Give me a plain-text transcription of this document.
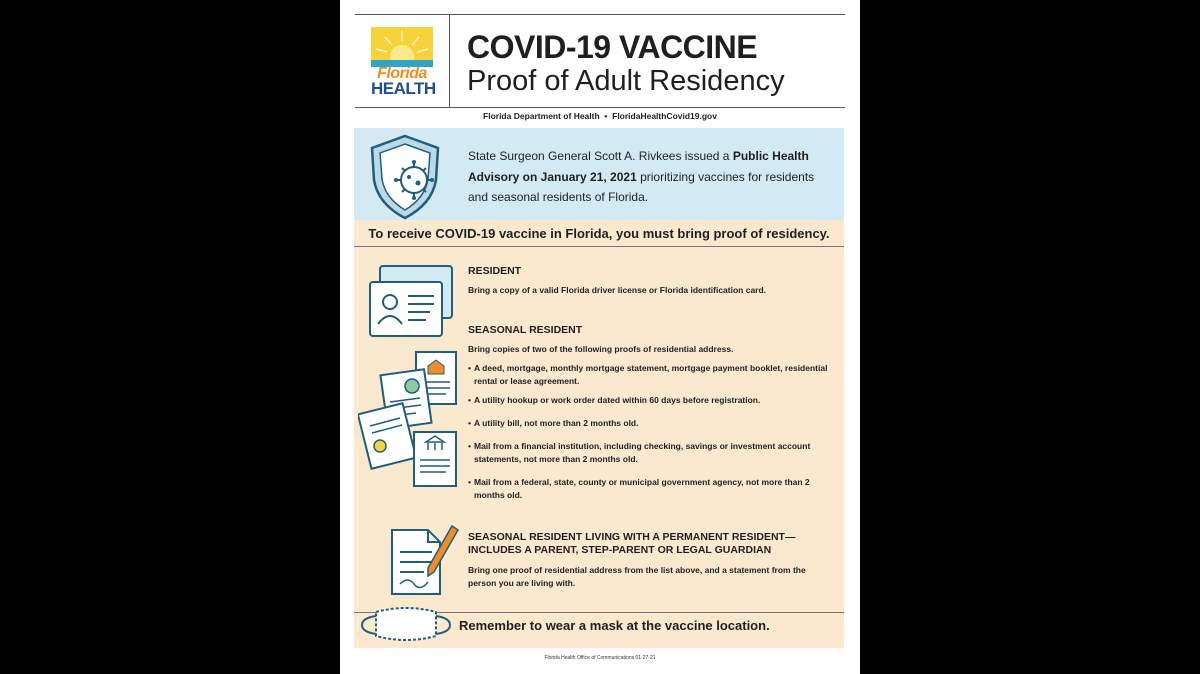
Florida
HEALTH
COVID-19 VACCINE
Proof of Adult Residency
Florida Department of Health • FloridaHealthCovid19.gov
State Surgeon General Scott A. Rivkees issued a Public Health Advisory on January 21, 2021 prioritizing vaccines for residents and seasonal residents of Florida.
To receive COVID-19 vaccine in Florida, you must bring proof of residency.
RESIDENT
Bring a copy of a valid Florida driver license or Florida identification card.
SEASONAL RESIDENT
Bring copies of two of the following proofs of residential address.
• A deed, mortgage, monthly mortgage statement, mortgage payment booklet, residential rental or lease agreement.
• A utility hookup or work order dated within 60 days before registration.
• A utility bill, not more than 2 months old.
• Mail from a financial institution, including checking, savings or investment account statements, not more than 2 months old.
• Mail from a federal, state, county or municipal government agency, not more than 2 months old.
SEASONAL RESIDENT LIVING WITH A PERMANENT RESIDENT—
INCLUDES A PARENT, STEP-PARENT OR LEGAL GUARDIAN
Bring one proof of residential address from the list above, and a statement from the person you are living with.
Remember to wear a mask at the vaccine location.
Florida Health Office of Communications 01-27-21
